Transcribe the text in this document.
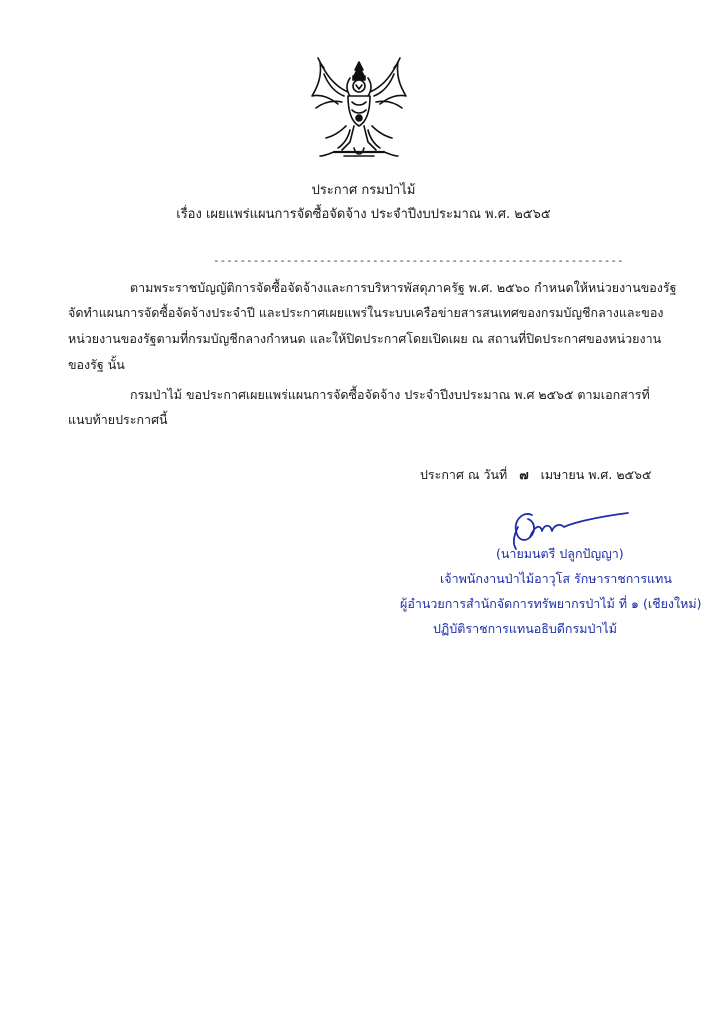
ประกาศ กรมป่าไม้
เรื่อง เผยแพร่แผนการจัดซื้อจัดจ้าง ประจำปีงบประมาณ พ.ศ. ๒๕๖๕
--------------------------------------------------------------
ตามพระราชบัญญัติการจัดซื้อจัดจ้างและการบริหารพัสดุภาครัฐ พ.ศ. ๒๕๖๐ กำหนดให้หน่วยงานของรัฐ
จัดทำแผนการจัดซื้อจัดจ้างประจำปี และประกาศเผยแพร่ในระบบเครือข่ายสารสนเทศของกรมบัญชีกลางและของ
หน่วยงานของรัฐตามที่กรมบัญชีกลางกำหนด และให้ปิดประกาศโดยเปิดเผย ณ สถานที่ปิดประกาศของหน่วยงาน
ของรัฐ นั้น
กรมป่าไม้ ขอประกาศเผยแพร่แผนการจัดซื้อจัดจ้าง ประจำปีงบประมาณ พ.ศ ๒๕๖๕ ตามเอกสารที่
แนบท้ายประกาศนี้
ประกาศ ณ วันที่ ๗ เมษายน พ.ศ. ๒๕๖๕
(นายมนตรี ปลูกปัญญา)
เจ้าพนักงานป่าไม้อาวุโส รักษาราชการแทน
ผู้อำนวยการสำนักจัดการทรัพยากรป่าไม้ ที่ ๑ (เชียงใหม่)
ปฏิบัติราชการแทนอธิบดีกรมป่าไม้
